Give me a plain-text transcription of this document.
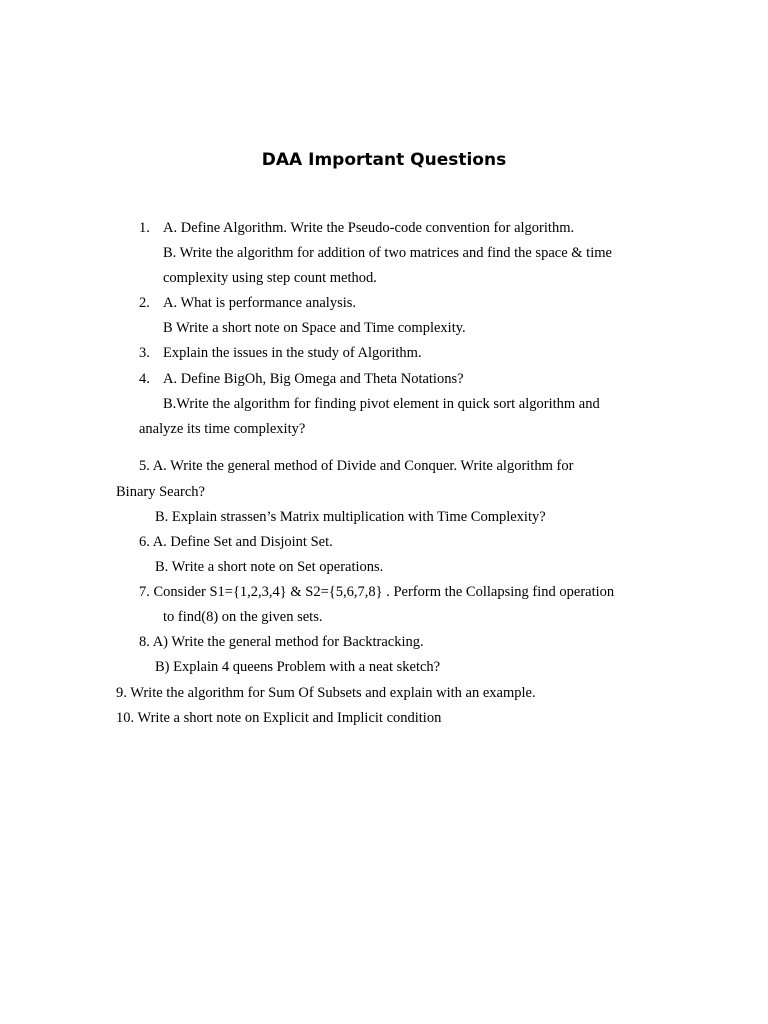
DAA Important Questions
1. A. Define Algorithm. Write the Pseudo-code convention for algorithm.
B. Write the algorithm for addition of two matrices and find the space & time
complexity using step count method.
2. A. What is performance analysis.
B Write a short note on Space and Time complexity.
3. Explain the issues in the study of Algorithm.
4. A. Define BigOh, Big Omega and Theta Notations?
B.Write the algorithm for finding pivot element in quick sort algorithm and
analyze its time complexity?
5. A. Write the general method of Divide and Conquer. Write algorithm for
Binary Search?
B. Explain strassen’s Matrix multiplication with Time Complexity?
6. A. Define Set and Disjoint Set.
B. Write a short note on Set operations.
7. Consider S1={1,2,3,4} & S2={5,6,7,8} . Perform the Collapsing find operation
to find(8) on the given sets.
8. A) Write the general method for Backtracking.
B) Explain 4 queens Problem with a neat sketch?
9. Write the algorithm for Sum Of Subsets and explain with an example.
10. Write a short note on Explicit and Implicit condition
